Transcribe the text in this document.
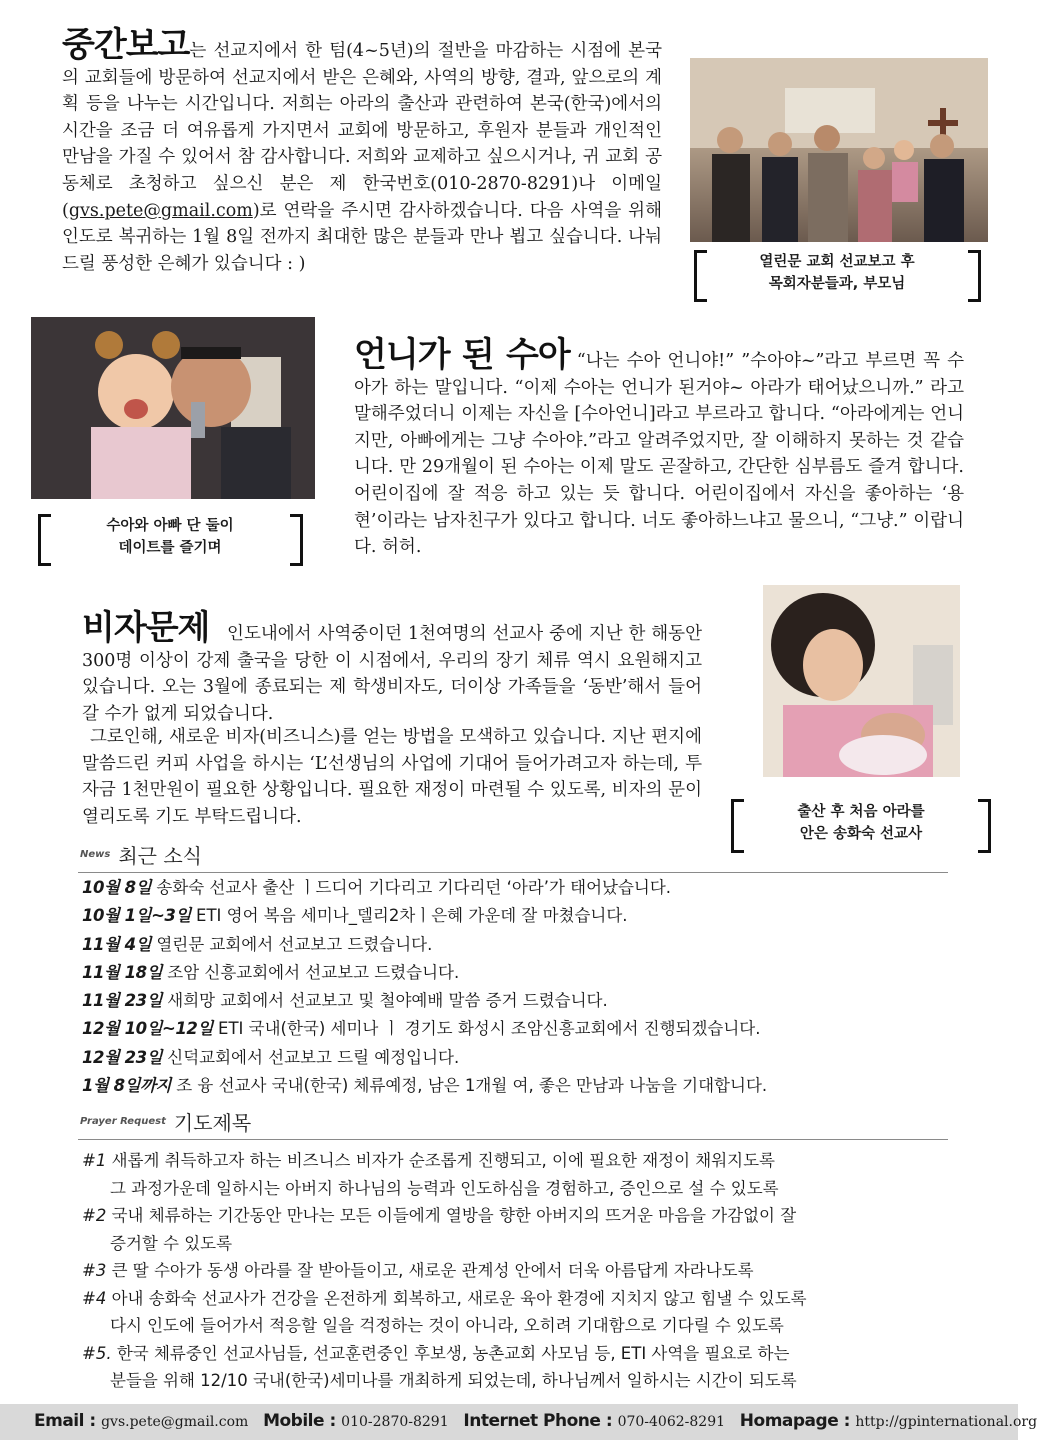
중간보고는 선교지에서 한 텀(4~5년)의 절반을 마감하는 시점에 본국의 교회들에 방문하여 선교지에서 받은 은혜와, 사역의 방향, 결과, 앞으로의 계획 등을 나누는 시간입니다. 저희는 아라의 출산과 관련하여 본국(한국)에서의 시간을 조금 더 여유롭게 가지면서 교회에 방문하고, 후원자 분들과 개인적인 만남을 가질 수 있어서 참 감사합니다. 저희와 교제하고 싶으시거나, 귀 교회 공동체로 초청하고 싶으신 분은 제 한국번호(010-2870-8291)나 이메일(gvs.pete@gmail.com)로 연락을 주시면 감사하겠습니다. 다음 사역을 위해 인도로 복귀하는 1월 8일 전까지 최대한 많은 분들과 만나 뵙고 싶습니다. 나눠드릴 풍성한 은혜가 있습니다 : )	열린문 교회 선교보고 후
목회자분들과, 부모님
수아와 아빠 단 둘이
데이트를 즐기며

언니가 된 수아 “나는 수아 언니야!” ”수아야~”라고 부르면 꼭 수아가 하는 말입니다. “이제 수아는 언니가 된거야~ 아라가 태어났으니까.” 라고 말해주었더니 이제는 자신을 [수아언니]라고 부르라고 합니다. “아라에게는 언니지만, 아빠에게는 그냥 수아야.”라고 알려주었지만, 잘 이해하지 못하는 것 같습니다. 만 29개월이 된 수아는 이제 말도 곧잘하고, 간단한 심부름도 즐겨 합니다. 어린이집에 잘 적응 하고 있는 듯 합니다. 어린이집에서 자신을 좋아하는 ‘용현’이라는 남자친구가 있다고 합니다. 너도 좋아하느냐고 물으니, “그냥.” 이랍니다. 허허.

비자문제 인도내에서 사역중이던 1천여명의 선교사 중에 지난 한 해동안 300명 이상이 강제 출국을 당한 이 시점에서, 우리의 장기 체류 역시 요원해지고 있습니다. 오는 3월에 종료되는 제 학생비자도, 더이상 가족들을 ‘동반’해서 들어갈 수가 없게 되었습니다.

그로인해, 새로운 비자(비즈니스)를 얻는 방법을 모색하고 있습니다. 지난 편지에 말씀드린 커피 사업을 하시는 ‘L’선생님의 사업에 기대어 들어가려고자 하는데, 투자금 1천만원이 필요한 상황입니다. 필요한 재정이 마련될 수 있도록, 비자의 문이 열리도록 기도 부탁드립니다.	출산 후 처음 아라를
안은 송화숙 선교사
News 최근 소식
10월 8일 송화숙 선교사 출산 ㅣ드디어 기다리고 기다리던 ‘아라’가 태어났습니다.
10월 1일~3일 ETI 영어 복음 세미나_델리2차ㅣ은혜 가운데 잘 마쳤습니다.
11월 4일 열린문 교회에서 선교보고 드렸습니다.
11월 18일 조암 신흥교회에서 선교보고 드렸습니다.
11월 23일 새희망 교회에서 선교보고 및 철야예배 말씀 증거 드렸습니다.
12월 10일~12일 ETI 국내(한국) 세미나 ㅣ 경기도 화성시 조암신흥교회에서 진행되겠습니다.
12월 23일 신덕교회에서 선교보고 드릴 예정입니다.
1월 8일까지 조 융 선교사 국내(한국) 체류예정, 남은 1개월 여, 좋은 만남과 나눔을 기대합니다.
Prayer Request 기도제목
#1 새롭게 취득하고자 하는 비즈니스 비자가 순조롭게 진행되고, 이에 필요한 재정이 채워지도록
그 과정가운데 일하시는 아버지 하나님의 능력과 인도하심을 경험하고, 증인으로 설 수 있도록
#2 국내 체류하는 기간동안 만나는 모든 이들에게 열방을 향한 아버지의 뜨거운 마음을 가감없이 잘
증거할 수 있도록
#3 큰 딸 수아가 동생 아라를 잘 받아들이고, 새로운 관계성 안에서 더욱 아름답게 자라나도록
#4 아내 송화숙 선교사가 건강을 온전하게 회복하고, 새로운 육아 환경에 지치지 않고 힘낼 수 있도록
다시 인도에 들어가서 적응할 일을 걱정하는 것이 아니라, 오히려 기대함으로 기다릴 수 있도록
#5. 한국 체류중인 선교사님들, 선교훈련중인 후보생, 농촌교회 사모님 등, ETI 사역을 필요로 하는
분들을 위해 12/10 국내(한국)세미나를 개최하게 되었는데, 하나님께서 일하시는 시간이 되도록
Email : gvs.pete@gmail.com Mobile : 010-2870-8291 Internet Phone : 070-4062-8291 Homapage : http://gpinternational.org
